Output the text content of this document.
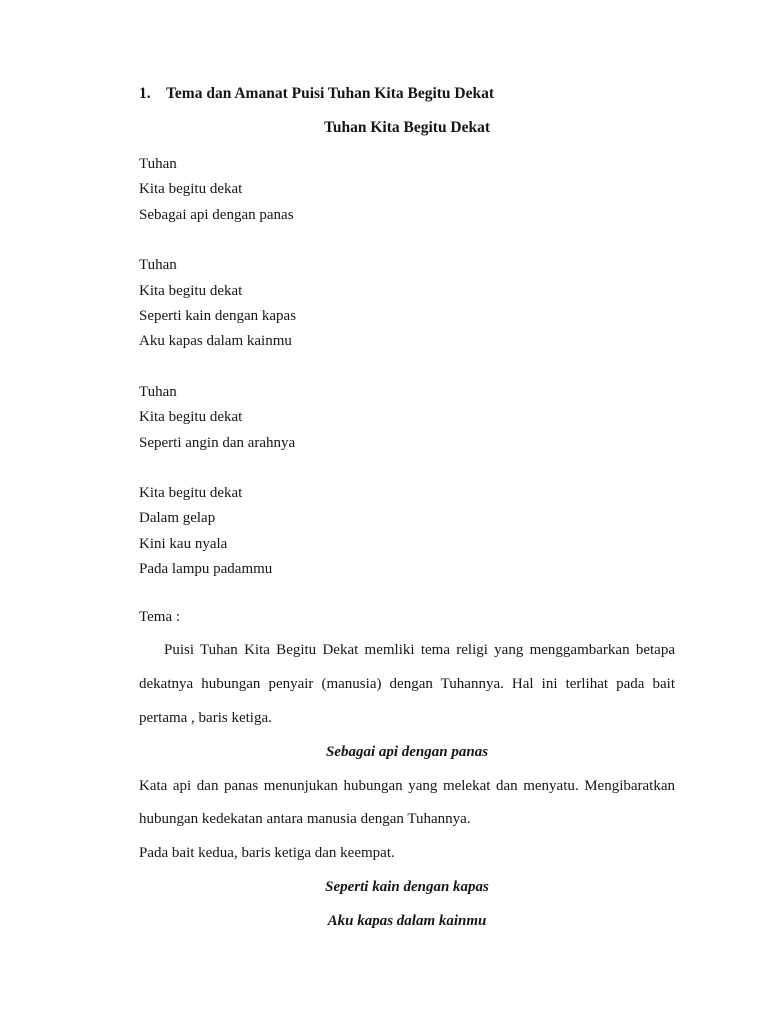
1. Tema dan Amanat Puisi Tuhan Kita Begitu Dekat
Tuhan Kita Begitu Dekat
Tuhan
Kita begitu dekat
Sebagai api dengan panas
Tuhan
Kita begitu dekat
Seperti kain dengan kapas
Aku kapas dalam kainmu
Tuhan
Kita begitu dekat
Seperti angin dan arahnya
Kita begitu dekat
Dalam gelap
Kini kau nyala
Pada lampu padammu
Tema :

Puisi Tuhan Kita Begitu Dekat memliki tema religi yang menggambarkan betapa dekatnya hubungan penyair (manusia) dengan Tuhannya. Hal ini terlihat pada bait pertama , baris ketiga.

Sebagai api dengan panas

Kata api dan panas menunjukan hubungan yang melekat dan menyatu. Mengibaratkan hubungan kedekatan antara manusia dengan Tuhannya.

Pada bait kedua, baris ketiga dan keempat.

Seperti kain dengan kapas
Aku kapas dalam kainmu
